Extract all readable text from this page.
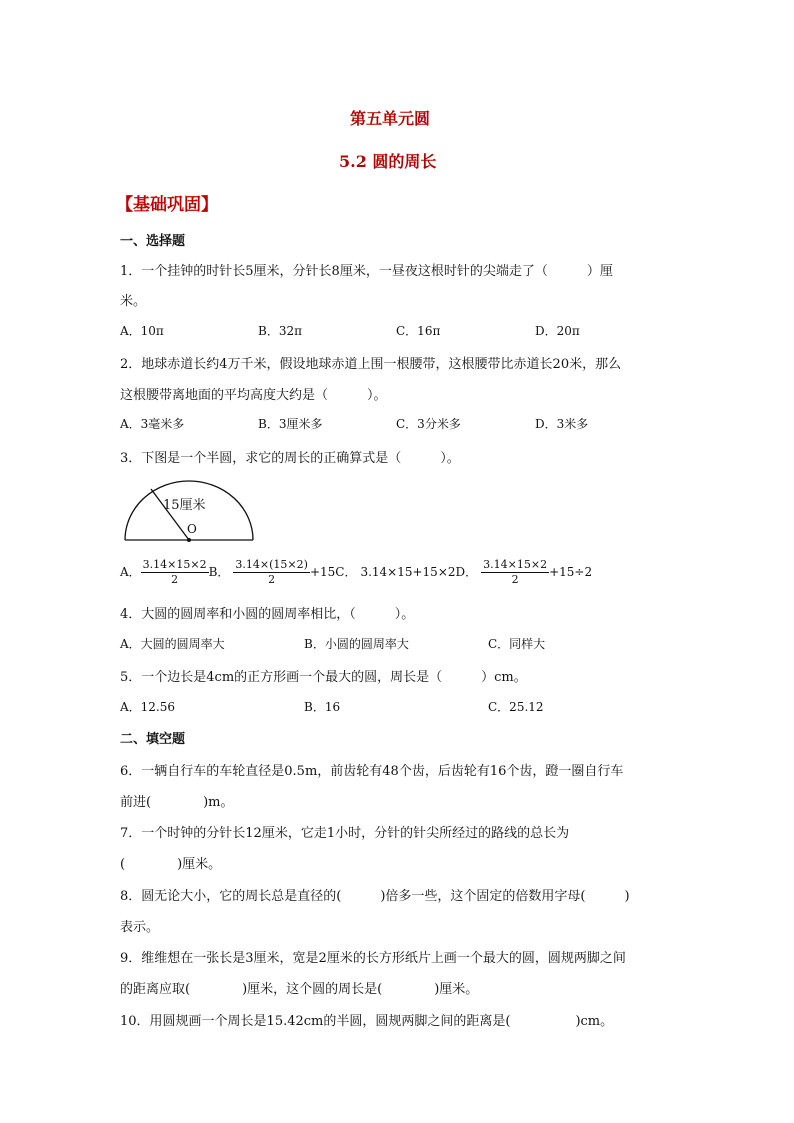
第五单元圆
5.2 圆的周长
【基础巩固】
一、选择题
1．一个挂钟的时针长5厘米，分针长8厘米，一昼夜这根时针的尖端走了（　　　）厘
米。
A．10π	B．32π	C．16π	D．20π
2．地球赤道长约4万千米，假设地球赤道上围一根腰带，这根腰带比赤道长20米，那么
这根腰带离地面的平均高度大约是（　　　）。
A．3毫米多	B．3厘米多	C．3分米多	D．3米多
3．下图是一个半圆，求它的周长的正确算式是（　　　）。
15厘米
O
A． $\frac{3.14\times 15\times 2}{2}$ B． $\frac{3.14\times(15\times 2)}{2} +15C$． 3.14×15+15×2D． $\frac{3.14\times 15\times 2}{2} +15\div 2$
4．大圆的圆周率和小圆的圆周率相比，（　　　）。
A．大圆的圆周率大	B．小圆的圆周率大	C．同样大
5．一个边长是4cm的正方形画一个最大的圆，周长是（　　　）cm。
A．12.56	B．16	C．25.12
二、填空题
6．一辆自行车的车轮直径是0.5m，前齿轮有48个齿，后齿轮有16个齿，蹬一圈自行车
前进(　　　　)m。
7．一个时钟的分针长12厘米，它走1小时，分针的针尖所经过的路线的总长为
(　　　　)厘米。
8．圆无论大小，它的周长总是直径的(　　　)倍多一些，这个固定的倍数用字母(　　　)
表示。
9．维维想在一张长是3厘米，宽是2厘米的长方形纸片上画一个最大的圆，圆规两脚之间
的距离应取(　　　　)厘米，这个圆的周长是(　　　　)厘米。
10．用圆规画一个周长是15.42cm的半圆，圆规两脚之间的距离是(　　　　　)cm。
